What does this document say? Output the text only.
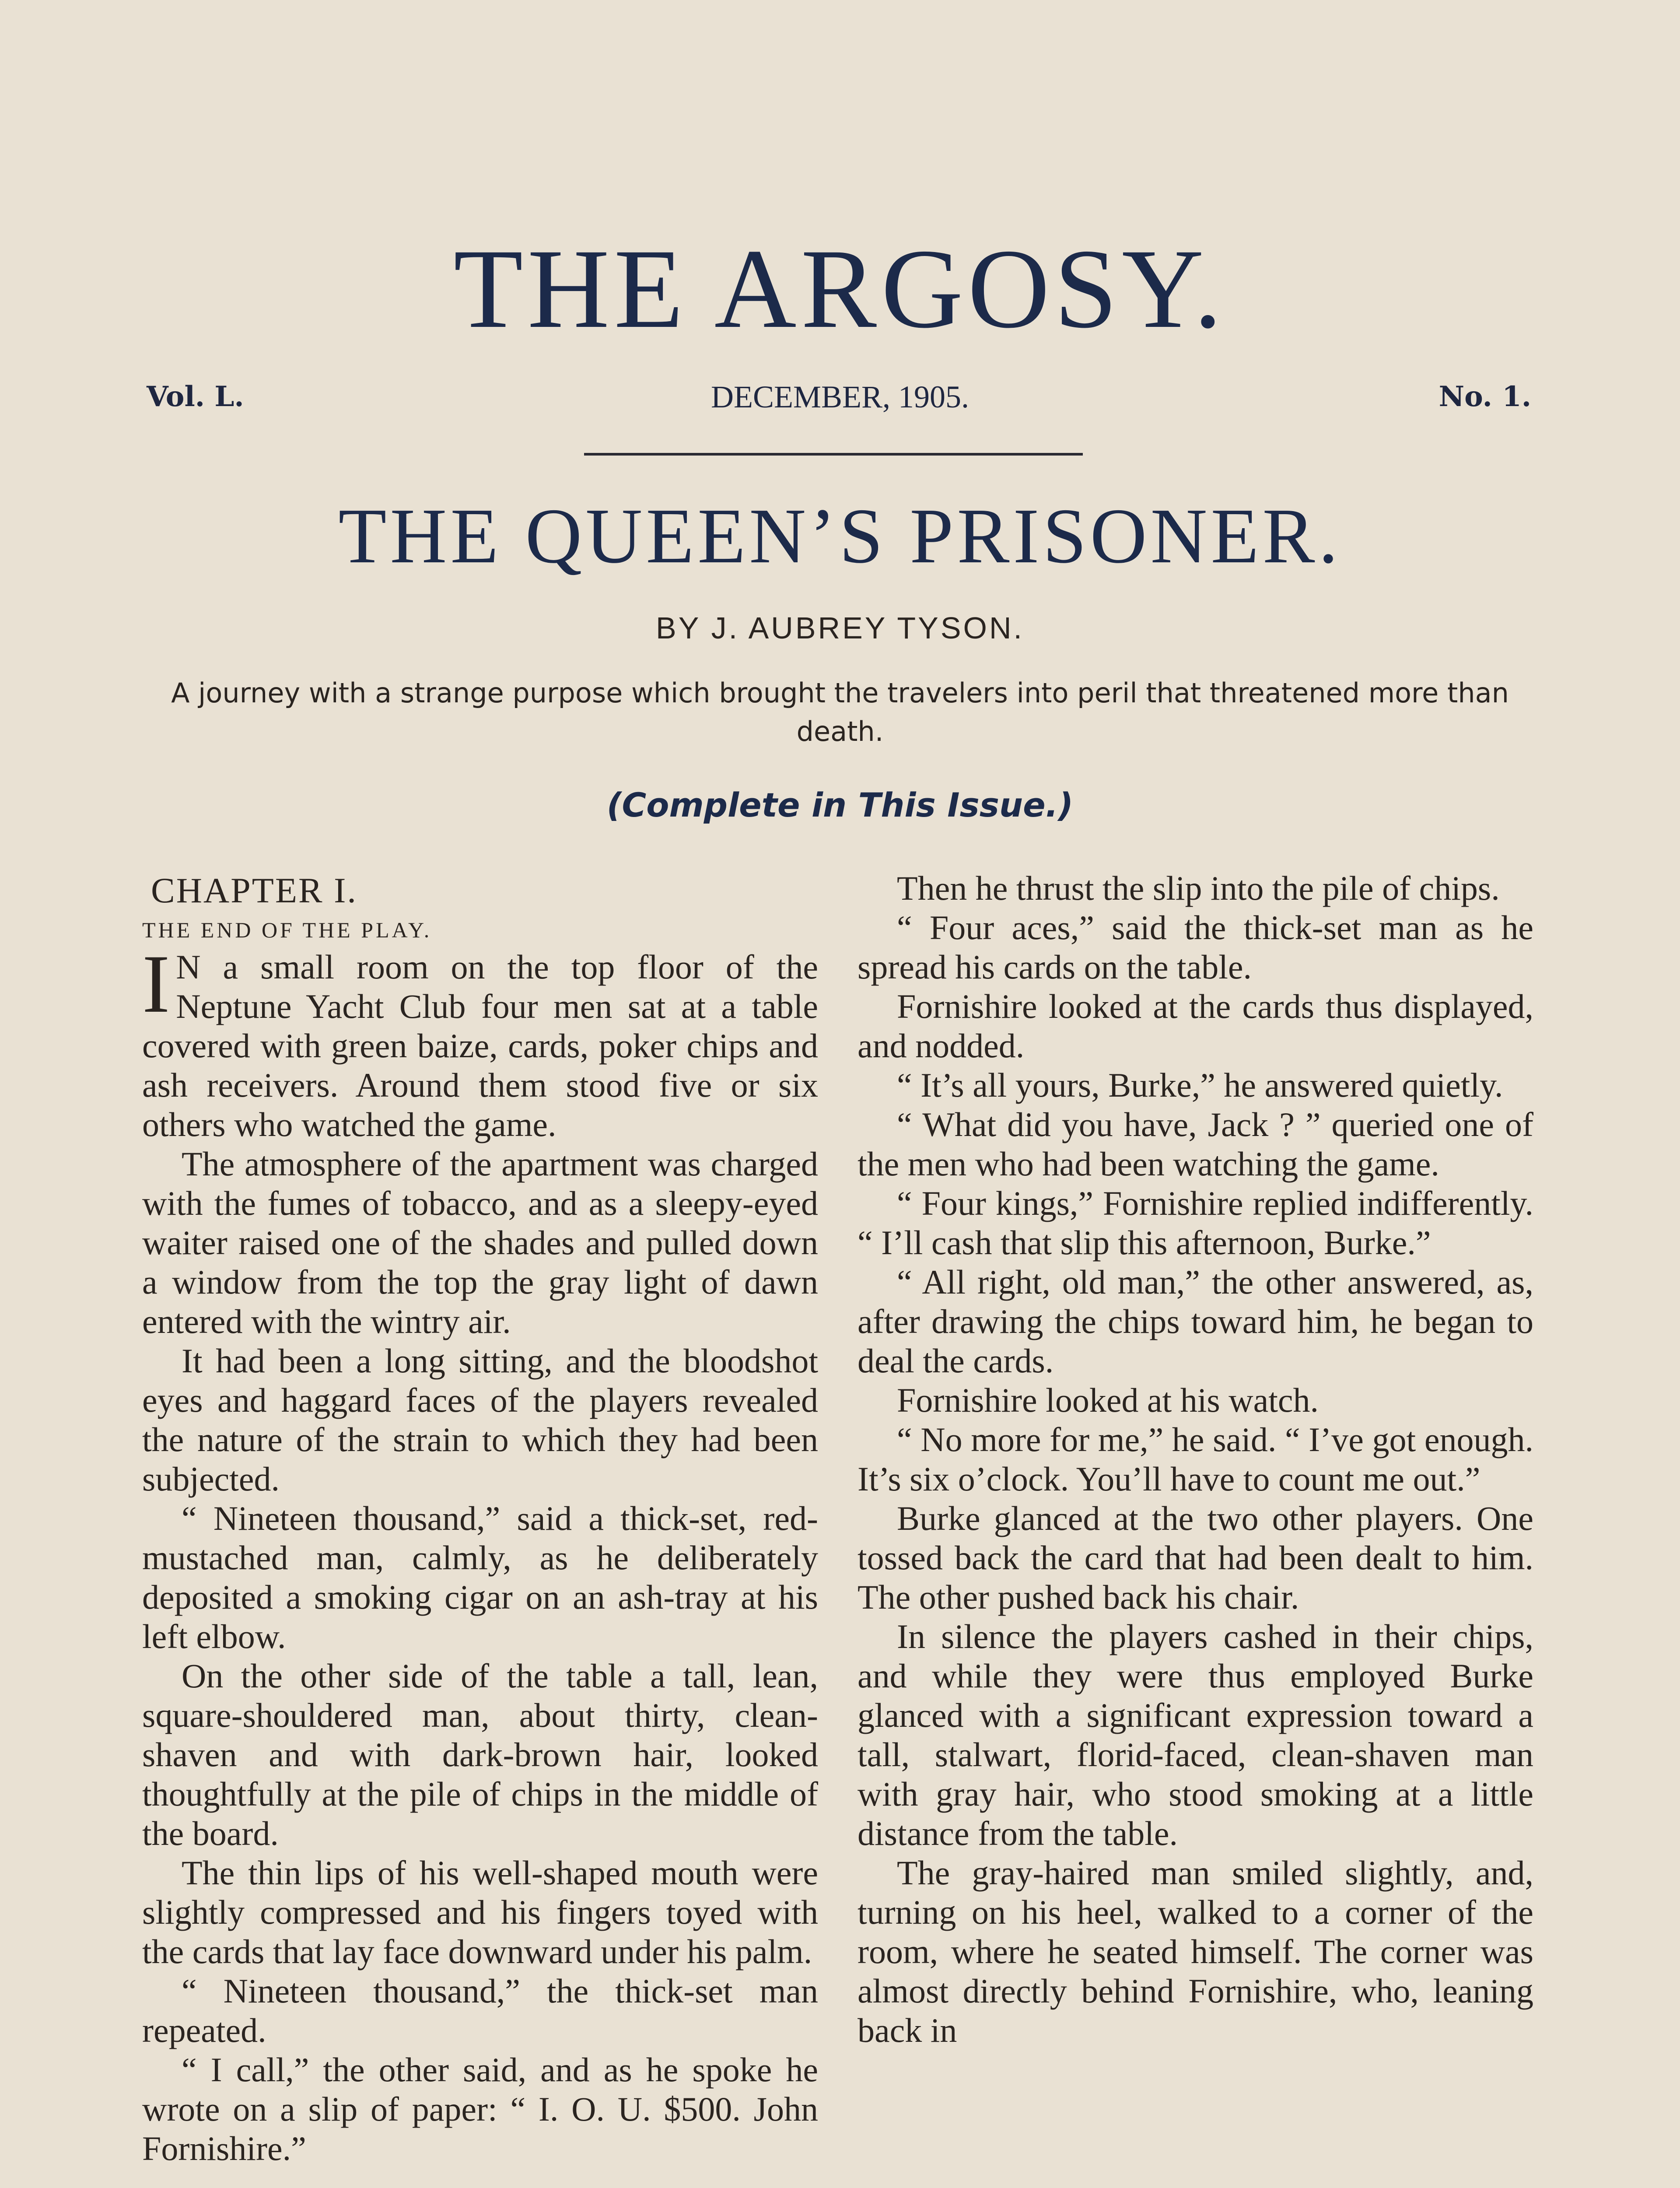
THE ARGOSY.
Vol. L.	DECEMBER, 1905.	No. 1.
THE QUEEN’S PRISONER.
BY J. AUBREY TYSON.
A journey with a strange purpose which brought the travelers into peril that threatened more than death.
(Complete in This Issue.)

CHAPTER I.

THE END OF THE PLAY.

I N a small room on the top floor of the Neptune Yacht Club four men sat at a table covered with green baize, cards, poker chips and ash receivers. Around them stood five or six others who watched the game.

The atmosphere of the apartment was charged with the fumes of tobacco, and as a sleepy-eyed waiter raised one of the shades and pulled down a window from the top the gray light of dawn entered with the wintry air.

It had been a long sitting, and the bloodshot eyes and haggard faces of the players revealed the nature of the strain to which they had been subjected.

“ Nineteen thousand,” said a thick-set, red-mustached man, calmly, as he deliberately deposited a smoking cigar on an ash-tray at his left elbow.

On the other side of the table a tall, lean, square-shouldered man, about thirty, clean-shaven and with dark-brown hair, looked thoughtfully at the pile of chips in the middle of the board.

The thin lips of his well-shaped mouth were slightly compressed and his fingers toyed with the cards that lay face downward under his palm.

“ Nineteen thousand,” the thick-set man repeated.

“ I call,” the other said, and as he spoke he wrote on a slip of paper: “ I. O. U. $500. John Fornishire.”

Then he thrust the slip into the pile of chips.

“ Four aces,” said the thick-set man as he spread his cards on the table.

Fornishire looked at the cards thus displayed, and nodded.

“ It’s all yours, Burke,” he answered quietly.

“ What did you have, Jack ? ” queried one of the men who had been watching the game.

“ Four kings,” Fornishire replied indifferently. “ I’ll cash that slip this afternoon, Burke.”

“ All right, old man,” the other answered, as, after drawing the chips toward him, he began to deal the cards.

Fornishire looked at his watch.

“ No more for me,” he said. “ I’ve got enough. It’s six o’clock. You’ll have to count me out.”

Burke glanced at the two other players. One tossed back the card that had been dealt to him. The other pushed back his chair.

In silence the players cashed in their chips, and while they were thus employed Burke glanced with a significant expression toward a tall, stalwart, florid-faced, clean-shaven man with gray hair, who stood smoking at a little distance from the table.

The gray-haired man smiled slightly, and, turning on his heel, walked to a corner of the room, where he seated himself. The corner was almost directly behind Fornishire, who, leaning back in
